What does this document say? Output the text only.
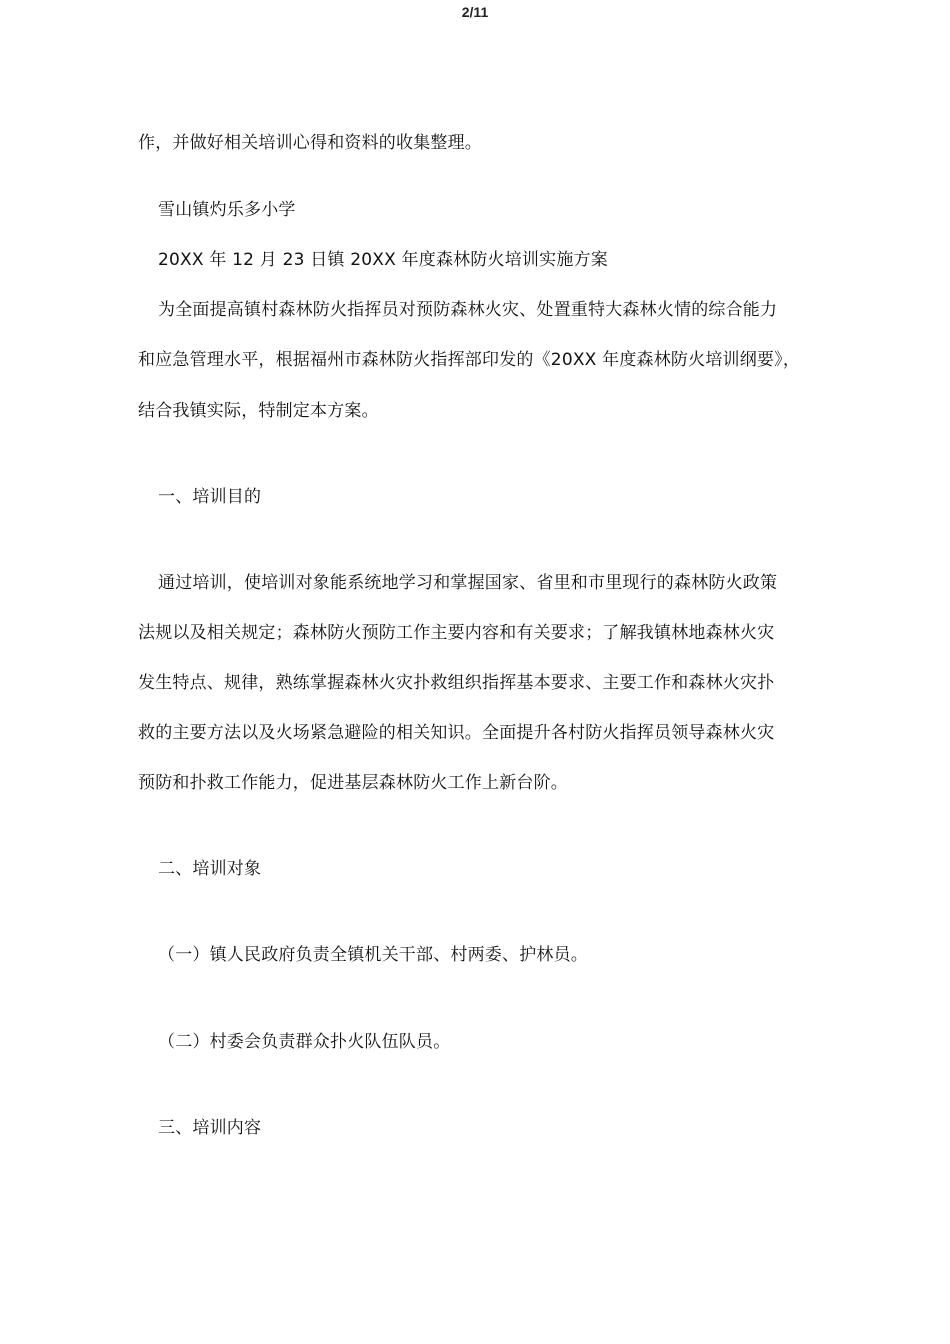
2/11
作，并做好相关培训心得和资料的收集整理。
雪山镇灼乐多小学
20XX 年 12 月 23 日镇 20XX 年度森林防火培训实施方案
为全面提高镇村森林防火指挥员对预防森林火灾、处置重特大森林火情的综合能力
和应急管理水平，根据福州市森林防火指挥部印发的《20XX 年度森林防火培训纲要》，
结合我镇实际，特制定本方案。
一、培训目的
通过培训，使培训对象能系统地学习和掌握国家、省里和市里现行的森林防火政策
法规以及相关规定；森林防火预防工作主要内容和有关要求；了解我镇林地森林火灾
发生特点、规律，熟练掌握森林火灾扑救组织指挥基本要求、主要工作和森林火灾扑
救的主要方法以及火场紧急避险的相关知识。全面提升各村防火指挥员领导森林火灾
预防和扑救工作能力，促进基层森林防火工作上新台阶。
二、培训对象
（一）镇人民政府负责全镇机关干部、村两委、护林员。
（二）村委会负责群众扑火队伍队员。
三、培训内容
